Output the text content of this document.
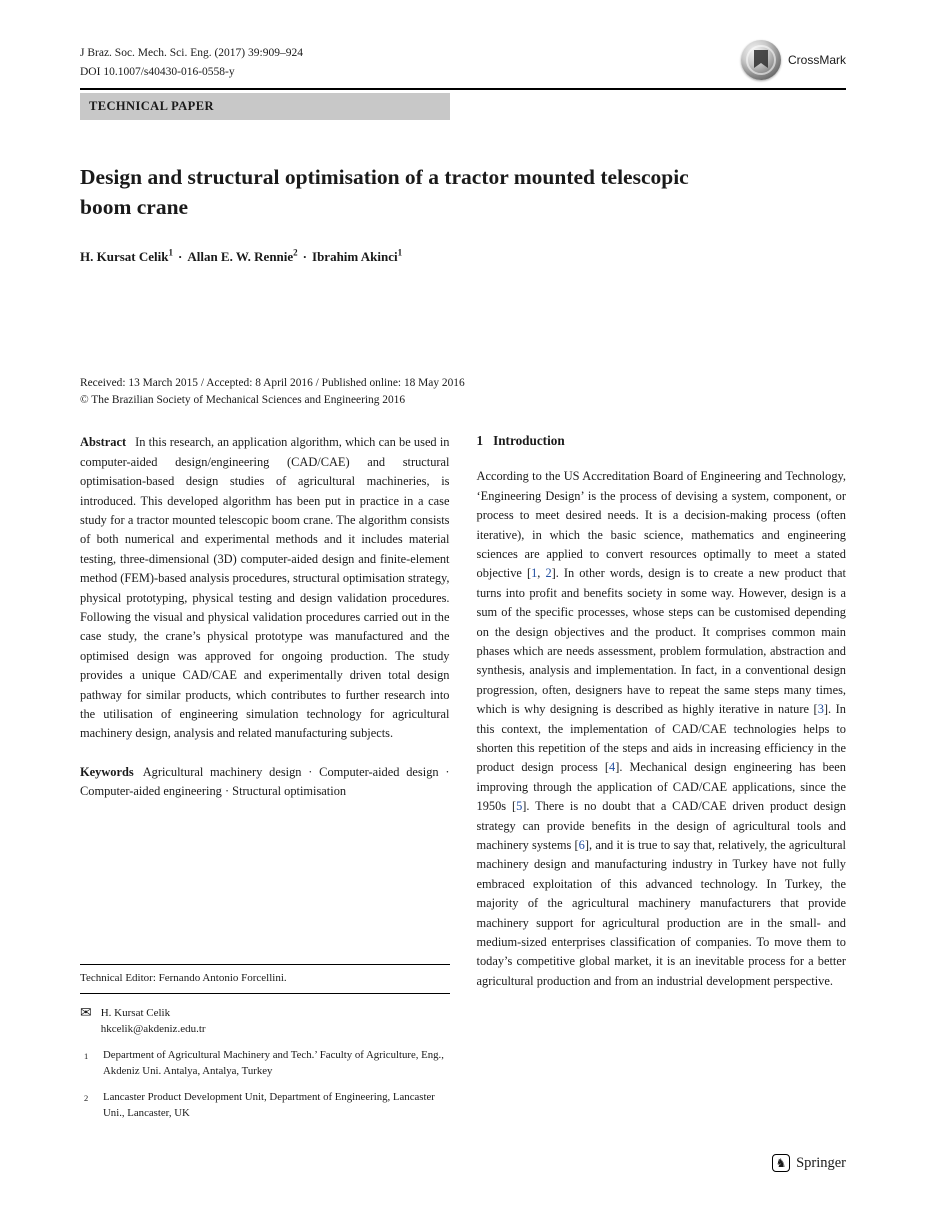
J Braz. Soc. Mech. Sci. Eng. (2017) 39:909–924
DOI 10.1007/s40430-016-0558-y
CrossMark
TECHNICAL PAPER
Design and structural optimisation of a tractor mounted telescopic boom crane
H. Kursat Celik$^1$ · Allan E. W. Rennie$^2$ · Ibrahim Akinci$^1$
Received: 13 March 2015 / Accepted: 8 April 2016 / Published online: 18 May 2016
© The Brazilian Society of Mechanical Sciences and Engineering 2016

Abstract In this research, an application algorithm, which can be used in computer-aided design/engineering (CAD/CAE) and structural optimisation-based design studies of agricultural machineries, is introduced. This developed algorithm has been put in practice in a case study for a tractor mounted telescopic boom crane. The algorithm consists of both numerical and experimental methods and it includes material testing, three-dimensional (3D) computer-aided design and finite-element method (FEM)-based analysis procedures, structural optimisation strategy, physical prototyping, physical testing and design validation procedures. Following the visual and physical validation procedures carried out in the case study, the crane’s physical prototype was manufactured and the optimised design was approved for ongoing production. The study provides a unique CAD/CAE and experimentally driven total design pathway for similar products, which contributes to further research into the utilisation of engineering simulation technology for agricultural machinery design, analysis and related manufacturing subjects.

Keywords Agricultural machinery design · Computer-aided design · Computer-aided engineering · Structural optimisation

Technical Editor: Fernando Antonio Forcellini.
✉ H. Kursat Celik
hkcelik@akdeniz.edu.tr
1	Department of Agricultural Machinery and Tech.’ Faculty of Agriculture, Eng., Akdeniz Uni. Antalya, Antalya, Turkey
2	Lancaster Product Development Unit, Department of Engineering, Lancaster Uni., Lancaster, UK
1 Introduction

According to the US Accreditation Board of Engineering and Technology, ‘Engineering Design’ is the process of devising a system, component, or process to meet desired needs. It is a decision-making process (often iterative), in which the basic science, mathematics and engineering sciences are applied to convert resources optimally to meet a stated objective [1, 2]. In other words, design is to create a new product that turns into profit and benefits society in some way. However, design is a sum of the specific processes, whose steps can be customised depending on the design objectives and the product. It comprises common main phases which are needs assessment, problem formulation, abstraction and synthesis, analysis and implementation. In fact, in a conventional design progression, often, designers have to repeat the same steps many times, which is why designing is described as highly iterative in nature [3]. In this context, the implementation of CAD/CAE technologies helps to shorten this repetition of the steps and aids in increasing efficiency in the product design process [4]. Mechanical design engineering has been improving through the application of CAD/CAE applications, since the 1950s [5]. There is no doubt that a CAD/CAE driven product design strategy can provide benefits in the design of agricultural tools and machinery systems [6], and it is true to say that, relatively, the agricultural machinery design and manufacturing industry in Turkey have not fully embraced exploitation of this advanced technology. In Turkey, the majority of the agricultural machinery manufacturers that provide machinery support for agricultural production are in the small- and medium-sized enterprises classification of companies. To move them to today’s competitive global market, it is an inevitable process for a better agricultural production and from an industrial development perspective.

♞ Springer
